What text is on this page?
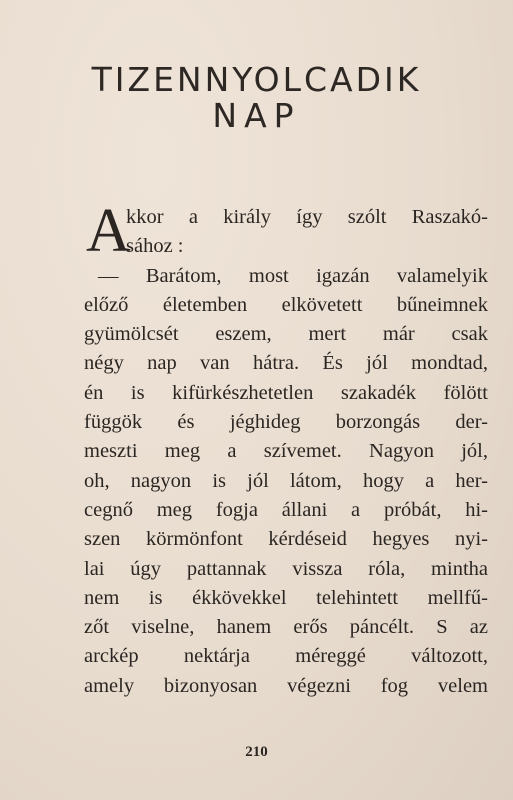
TIZENNYOLCADIK
NAP
A
kkor a király így szólt Raszakó-
sához :
— Barátom, most igazán valamelyik
előző életemben elkövetett bűneimnek
gyümölcsét eszem, mert már csak
négy nap van hátra. És jól mondtad,
én is kifürkészhetetlen szakadék fölött
függök és jéghideg borzongás der-
meszti meg a szívemet. Nagyon jól,
oh, nagyon is jól látom, hogy a her-
cegnő meg fogja állani a próbát, hi-
szen körmönfont kérdéseid hegyes nyi-
lai úgy pattannak vissza róla, mintha
nem is ékkövekkel telehintett mellfű-
zőt viselne, hanem erős páncélt. S az
arckép nektárja méreggé változott,
amely bizonyosan végezni fog velem
210
